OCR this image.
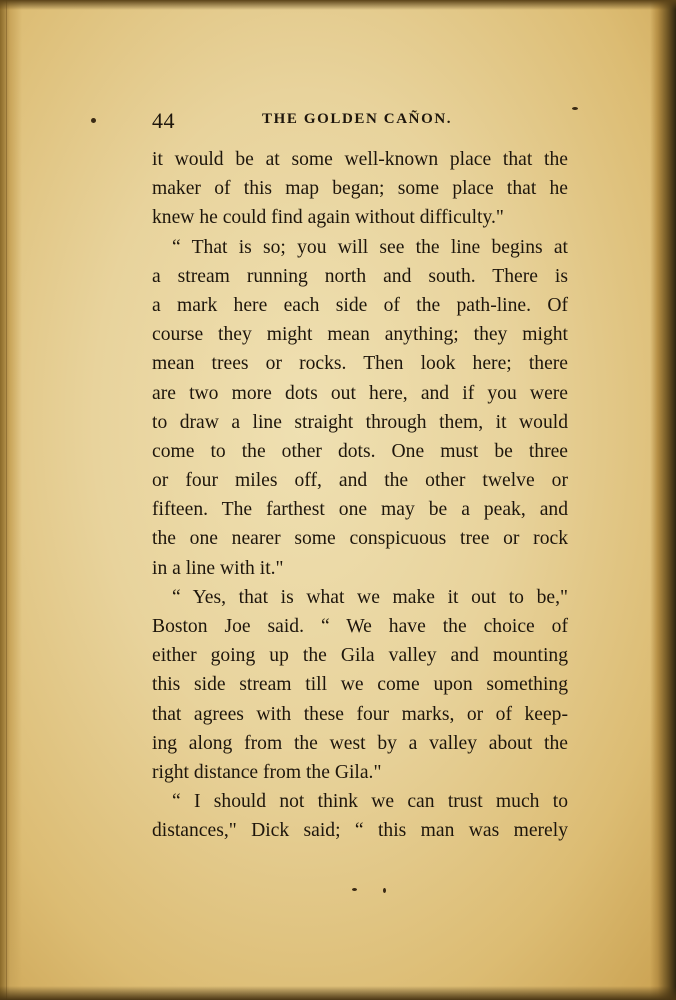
44	THE GOLDEN CAÑON.
it would be at some well-known place that the
maker of this map began; some place that he
knew he could find again without difficulty."
“ That is so; you will see the line begins at
a stream running north and south. There is
a mark here each side of the path-line. Of
course they might mean anything; they might
mean trees or rocks. Then look here; there
are two more dots out here, and if you were
to draw a line straight through them, it would
come to the other dots. One must be three
or four miles off, and the other twelve or
fifteen. The farthest one may be a peak, and
the one nearer some conspicuous tree or rock
in a line with it."
“ Yes, that is what we make it out to be,"
Boston Joe said. “ We have the choice of
either going up the Gila valley and mounting
this side stream till we come upon something
that agrees with these four marks, or of keep-
ing along from the west by a valley about the
right distance from the Gila."
“ I should not think we can trust much to
distances," Dick said; “ this man was merely
